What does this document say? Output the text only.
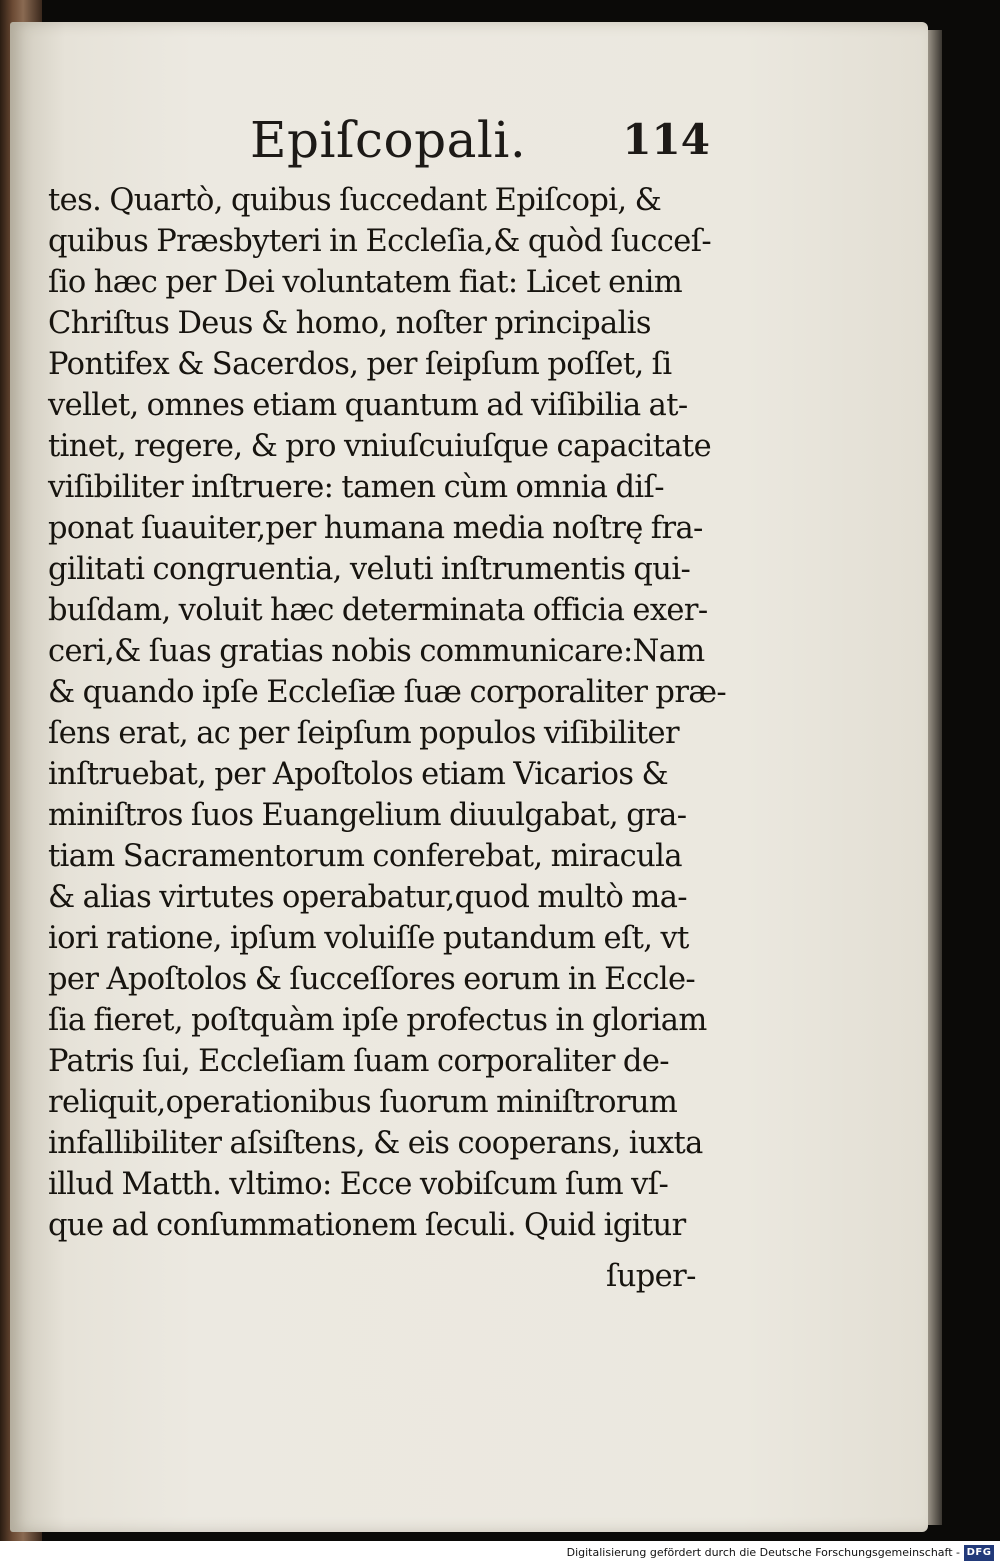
Epiſcopali. 114
tes. Quartò, quibus ſuccedant Epiſcopi, &
quibus Præsbyteri in Eccleſia,& quòd ſucceſ-
ſio hæc per Dei voluntatem fiat: Licet enim
Chriſtus Deus & homo, noſter principalis
Pontifex & Sacerdos, per ſeipſum poſſet, ſi
vellet, omnes etiam quantum ad viſibilia at-
tinet, regere, & pro vniuſcuiuſque capacitate
viſibiliter inſtruere: tamen cùm omnia diſ-
ponat ſuauiter,per humana media noſtrę fra-
gilitati congruentia, veluti inſtrumentis qui-
buſdam, voluit hæc determinata officia exer-
ceri,& ſuas gratias nobis communicare:Nam
& quando ipſe Eccleſiæ ſuæ corporaliter præ-
ſens erat, ac per ſeipſum populos viſibiliter
inſtruebat, per Apoſtolos etiam Vicarios &
miniſtros ſuos Euangelium diuulgabat, gra-
tiam Sacramentorum conferebat, miracula
& alias virtutes operabatur,quod multò ma-
iori ratione, ipſum voluiſſe putandum eſt, vt
per Apoſtolos & ſucceſſores eorum in Eccle-
ſia fieret, poſtquàm ipſe profectus in gloriam
Patris ſui, Eccleſiam ſuam corporaliter de-
reliquit,operationibus ſuorum miniſtrorum
infallibiliter aſsiſtens, & eis cooperans, iuxta
illud Matth. vltimo: Ecce vobiſcum ſum vſ-
que ad conſummationem ſeculi. Quid igitur
ſuper-
Digitalisierung gefördert durch die Deutsche Forschungsgemeinschaft - DFG
